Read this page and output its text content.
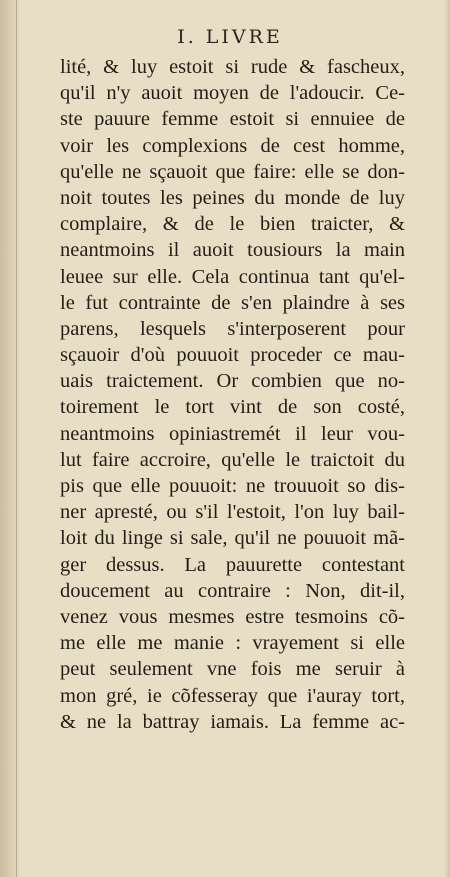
I. LIVRE
lité, & luy estoit si rude & fascheux,
qu'il n'y auoit moyen de l'adoucir. Ce-
ste pauure femme estoit si ennuiee de
voir les complexions de cest homme,
qu'elle ne sçauoit que faire: elle se don-
noit toutes les peines du monde de luy
complaire, & de le bien traicter, &
neantmoins il auoit tousiours la main
leuee sur elle. Cela continua tant qu'el-
le fut contrainte de s'en plaindre à ses
parens, lesquels s'interposerent pour
sçauoir d'où pouuoit proceder ce mau-
uais traictement. Or combien que no-
toirement le tort vint de son costé,
neantmoins opiniastremét il leur vou-
lut faire accroire, qu'elle le traictoit du
pis que elle pouuoit: ne trouuoit so dis-
ner apresté, ou s'il l'estoit, l'on luy bail-
loit du linge si sale, qu'il ne pouuoit mã-
ger dessus. La pauurette contestant
doucement au contraire : Non, dit-il,
venez vous mesmes estre tesmoins cõ-
me elle me manie : vrayement si elle
peut seulement vne fois me seruir à
mon gré, ie cõfesseray que i'auray tort,
& ne la battray iamais. La femme ac-
